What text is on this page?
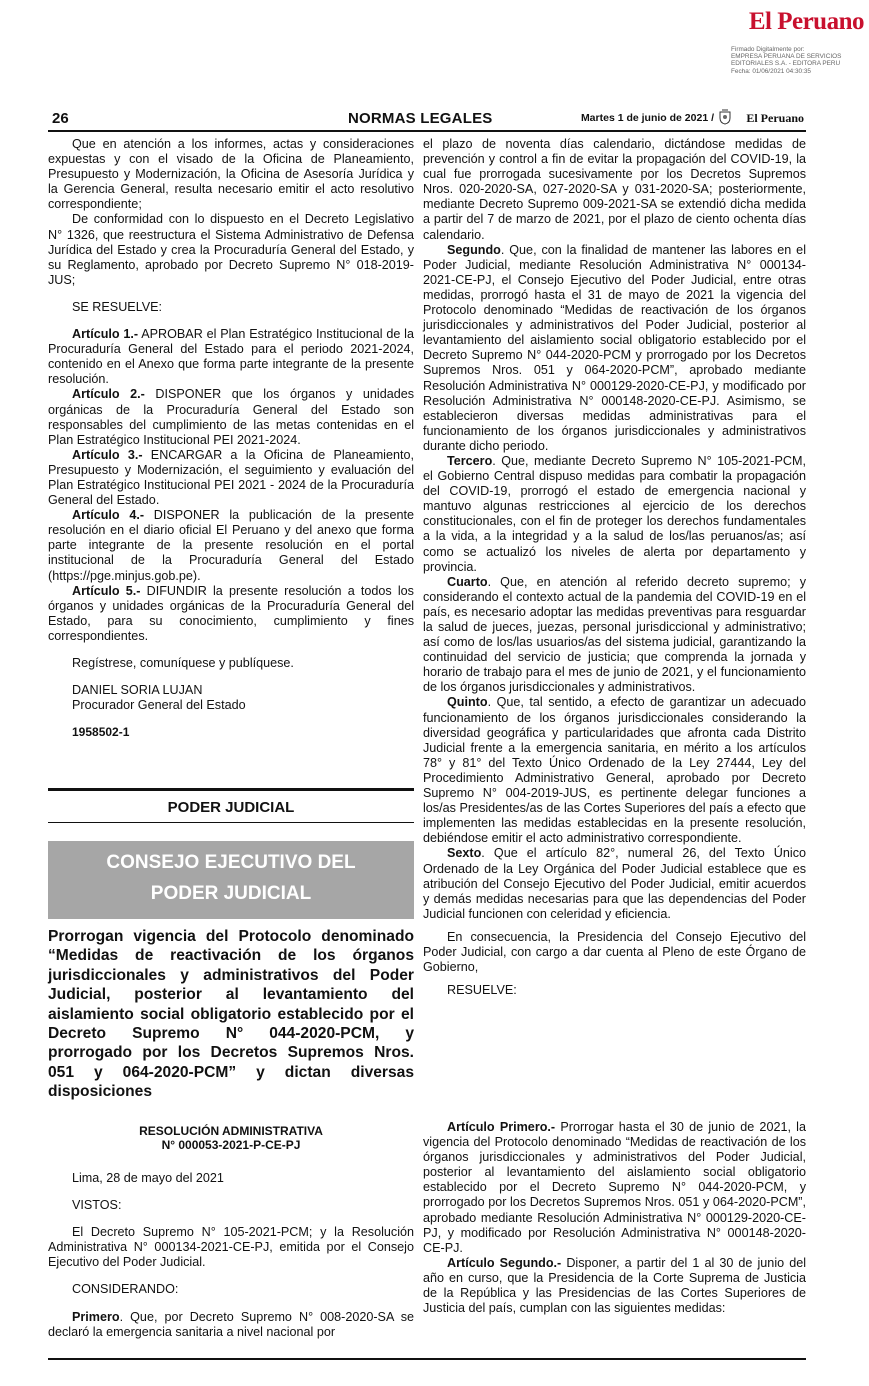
El Peruano
Firmado Digitalmente por:
EMPRESA PERUANA DE SERVICIOS
EDITORIALES S.A. - EDITORA PERU
Fecha: 01/06/2021 04:30:35
26	NORMAS LEGALES	Martes 1 de junio de 2021 /	El Peruano

Que en atención a los informes, actas y consideraciones expuestas y con el visado de la Oficina de Planeamiento, Presupuesto y Modernización, la Oficina de Asesoría Jurídica y la Gerencia General, resulta necesario emitir el acto resolutivo correspondiente;

De conformidad con lo dispuesto en el Decreto Legislativo N° 1326, que reestructura el Sistema Administrativo de Defensa Jurídica del Estado y crea la Procuraduría General del Estado, y su Reglamento, aprobado por Decreto Supremo N° 018-2019-JUS;

SE RESUELVE:

Artículo 1.- APROBAR el Plan Estratégico Institucional de la Procuraduría General del Estado para el periodo 2021-2024, contenido en el Anexo que forma parte integrante de la presente resolución.

Artículo 2.- DISPONER que los órganos y unidades orgánicas de la Procuraduría General del Estado son responsables del cumplimiento de las metas contenidas en el Plan Estratégico Institucional PEI 2021-2024.

Artículo 3.- ENCARGAR a la Oficina de Planeamiento, Presupuesto y Modernización, el seguimiento y evaluación del Plan Estratégico Institucional PEI 2021 - 2024 de la Procuraduría General del Estado.

Artículo 4.- DISPONER la publicación de la presente resolución en el diario oficial El Peruano y del anexo que forma parte integrante de la presente resolución en el portal institucional de la Procuraduría General del Estado (https://pge.minjus.gob.pe).

Artículo 5.- DIFUNDIR la presente resolución a todos los órganos y unidades orgánicas de la Procuraduría General del Estado, para su conocimiento, cumplimiento y fines correspondientes.

Regístrese, comuníquese y publíquese.

DANIEL SORIA LUJAN

Procurador General del Estado

1958502-1

PODER JUDICIAL
CONSEJO EJECUTIVO DEL
PODER JUDICIAL
Prorrogan vigencia del Protocolo denominado “Medidas de reactivación de los órganos jurisdiccionales y administrativos del Poder Judicial, posterior al levantamiento del aislamiento social obligatorio establecido por el Decreto Supremo N° 044-2020-PCM, y prorrogado por los Decretos Supremos Nros. 051 y 064-2020-PCM” y dictan diversas disposiciones
RESOLUCIÓN ADMINISTRATIVA
N° 000053-2021-P-CE-PJ

Lima, 28 de mayo del 2021

VISTOS:

El Decreto Supremo N° 105-2021-PCM; y la Resolución Administrativa N° 000134-2021-CE-PJ, emitida por el Consejo Ejecutivo del Poder Judicial.

CONSIDERANDO:

Primero. Que, por Decreto Supremo N° 008-2020-SA se declaró la emergencia sanitaria a nivel nacional por

el plazo de noventa días calendario, dictándose medidas de prevención y control a fin de evitar la propagación del COVID-19, la cual fue prorrogada sucesivamente por los Decretos Supremos Nros. 020-2020-SA, 027-2020-SA y 031-2020-SA; posteriormente, mediante Decreto Supremo 009-2021-SA se extendió dicha medida a partir del 7 de marzo de 2021, por el plazo de ciento ochenta días calendario.

Segundo. Que, con la finalidad de mantener las labores en el Poder Judicial, mediante Resolución Administrativa N° 000134-2021-CE-PJ, el Consejo Ejecutivo del Poder Judicial, entre otras medidas, prorrogó hasta el 31 de mayo de 2021 la vigencia del Protocolo denominado “Medidas de reactivación de los órganos jurisdiccionales y administrativos del Poder Judicial, posterior al levantamiento del aislamiento social obligatorio establecido por el Decreto Supremo N° 044-2020-PCM y prorrogado por los Decretos Supremos Nros. 051 y 064-2020-PCM”, aprobado mediante Resolución Administrativa N° 000129-2020-CE-PJ, y modificado por Resolución Administrativa N° 000148-2020-CE-PJ. Asimismo, se establecieron diversas medidas administrativas para el funcionamiento de los órganos jurisdiccionales y administrativos durante dicho periodo.

Tercero. Que, mediante Decreto Supremo N° 105-2021-PCM, el Gobierno Central dispuso medidas para combatir la propagación del COVID-19, prorrogó el estado de emergencia nacional y mantuvo algunas restricciones al ejercicio de los derechos constitucionales, con el fin de proteger los derechos fundamentales a la vida, a la integridad y a la salud de los/las peruanos/as; así como se actualizó los niveles de alerta por departamento y provincia.

Cuarto. Que, en atención al referido decreto supremo; y considerando el contexto actual de la pandemia del COVID-19 en el país, es necesario adoptar las medidas preventivas para resguardar la salud de jueces, juezas, personal jurisdiccional y administrativo; así como de los/las usuarios/as del sistema judicial, garantizando la continuidad del servicio de justicia; que comprenda la jornada y horario de trabajo para el mes de junio de 2021, y el funcionamiento de los órganos jurisdiccionales y administrativos.

Quinto. Que, tal sentido, a efecto de garantizar un adecuado funcionamiento de los órganos jurisdiccionales considerando la diversidad geográfica y particularidades que afronta cada Distrito Judicial frente a la emergencia sanitaria, en mérito a los artículos 78° y 81° del Texto Único Ordenado de la Ley 27444, Ley del Procedimiento Administrativo General, aprobado por Decreto Supremo N° 004-2019-JUS, es pertinente delegar funciones a los/as Presidentes/as de las Cortes Superiores del país a efecto que implementen las medidas establecidas en la presente resolución, debiéndose emitir el acto administrativo correspondiente.

Sexto. Que el artículo 82°, numeral 26, del Texto Único Ordenado de la Ley Orgánica del Poder Judicial establece que es atribución del Consejo Ejecutivo del Poder Judicial, emitir acuerdos y demás medidas necesarias para que las dependencias del Poder Judicial funcionen con celeridad y eficiencia.

En consecuencia, la Presidencia del Consejo Ejecutivo del Poder Judicial, con cargo a dar cuenta al Pleno de este Órgano de Gobierno,

RESUELVE:

Artículo Primero.- Prorrogar hasta el 30 de junio de 2021, la vigencia del Protocolo denominado “Medidas de reactivación de los órganos jurisdiccionales y administrativos del Poder Judicial, posterior al levantamiento del aislamiento social obligatorio establecido por el Decreto Supremo N° 044-2020-PCM, y prorrogado por los Decretos Supremos Nros. 051 y 064-2020-PCM”, aprobado mediante Resolución Administrativa N° 000129-2020-CE-PJ, y modificado por Resolución Administrativa N° 000148-2020-CE-PJ.

Artículo Segundo.- Disponer, a partir del 1 al 30 de junio del año en curso, que la Presidencia de la Corte Suprema de Justicia de la República y las Presidencias de las Cortes Superiores de Justicia del país, cumplan con las siguientes medidas:
